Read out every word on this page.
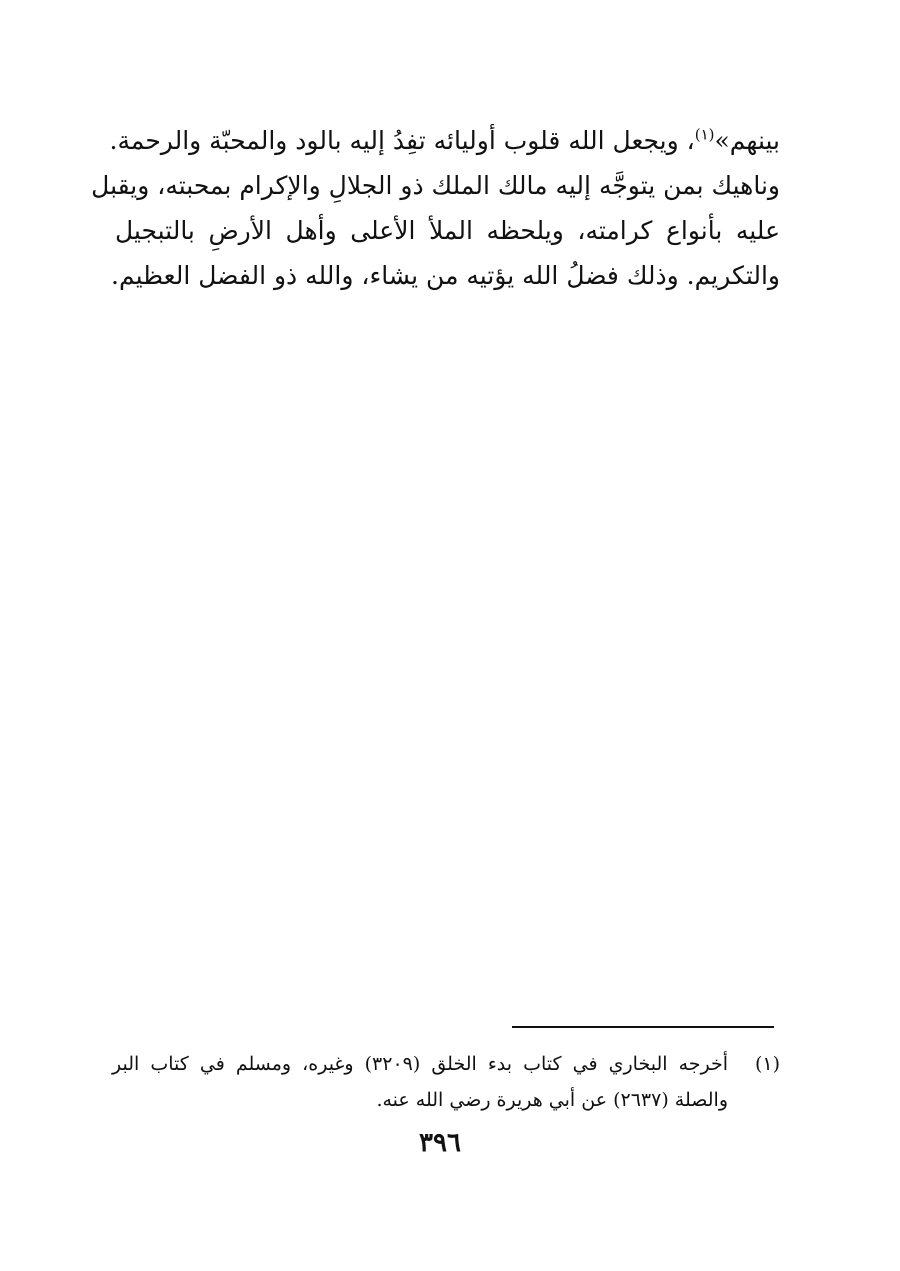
بينهم»$^{(١)}$، ويجعل الله قلوب أوليائه تفِدُ إليه بالود والمحبّة والرحمة.
وناهيك بمن يتوجَّه إليه مالك الملك ذو الجلالِ والإكرام بمحبته، ويقبل
عليه بأنواع كرامته، ويلحظه الملأ الأعلى وأهل الأرضِ بالتبجيل
والتكريم. وذلك فضلُ الله يؤتيه من يشاء، والله ذو الفضل العظيم.
(١)أخرجه البخاري في كتاب بدء الخلق (٣٢٠٩) وغيره، ومسلم في كتاب البر
والصلة (٢٦٣٧) عن أبي هريرة رضي الله عنه.
٣٩٦
